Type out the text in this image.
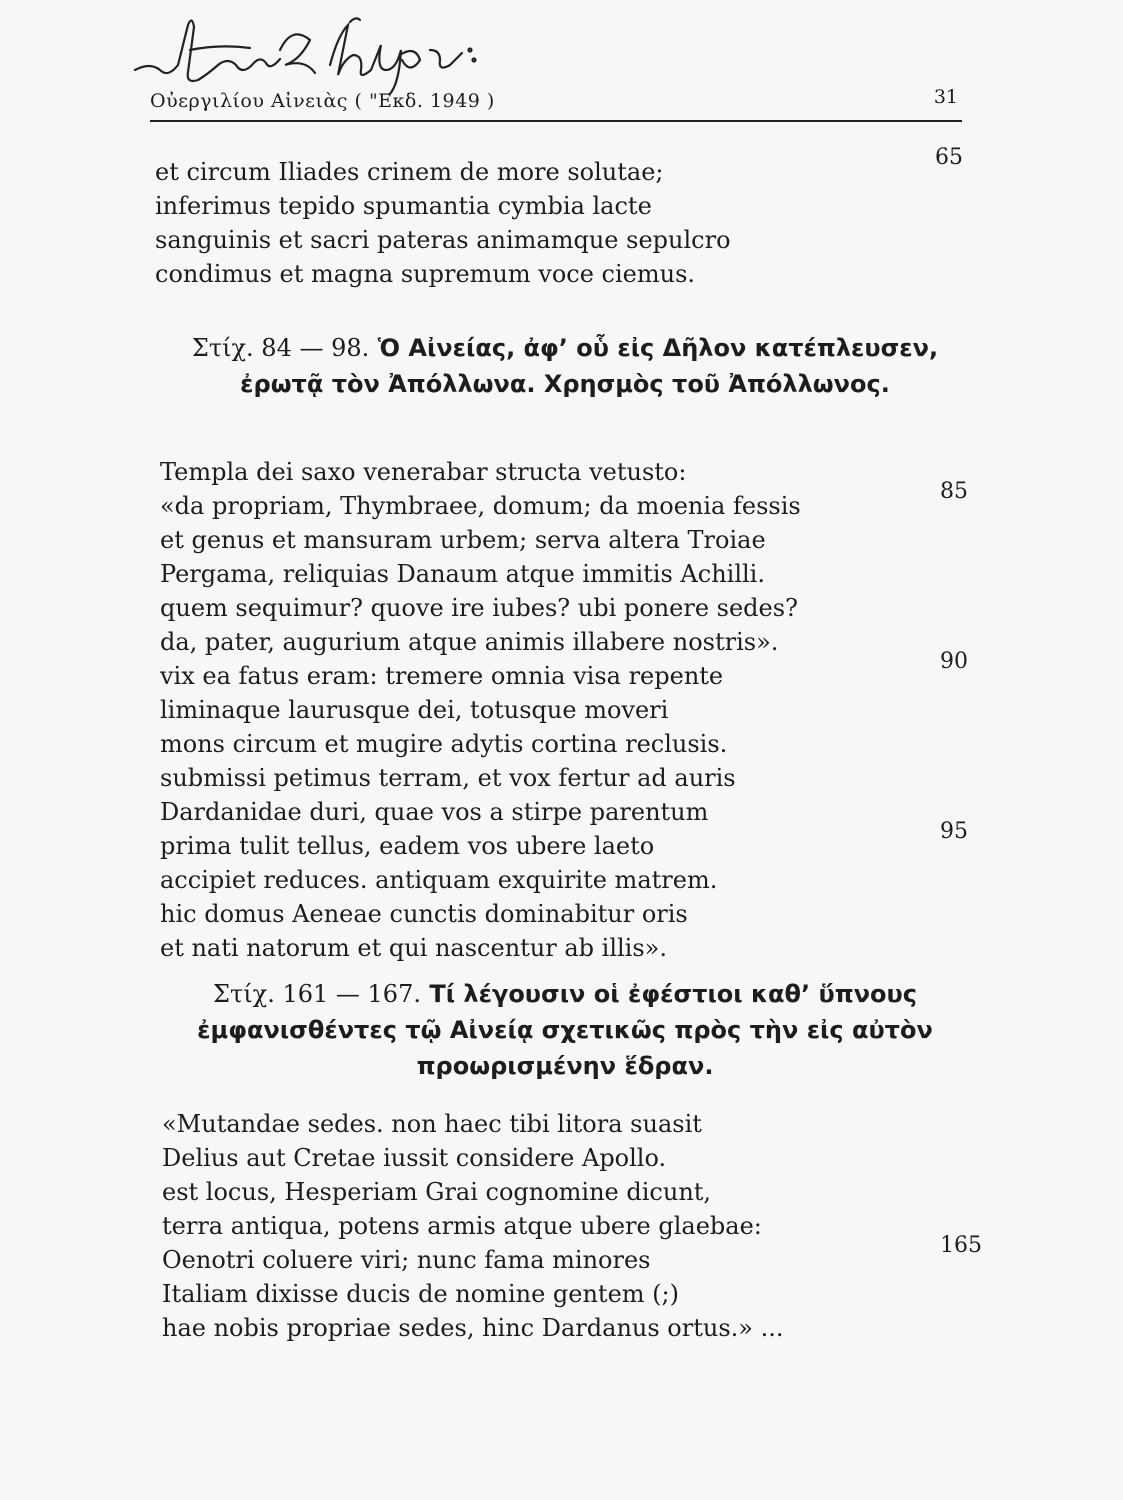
Οὐεργιλίου Αἰνειὰς ( "Εκδ. 1949 )	31
et circum Iliades crinem de more solutae;
65
inferimus tepido spumantia cymbia lacte
sanguinis et sacri pateras animamque sepulcro
condimus et magna supremum voce ciemus.
Στίχ. 84 — 98. Ὁ Αἰνείας, ἀφ’ οὗ εἰς Δῆλον κατέπλευσεν, ἐρωτᾷ τὸν Ἀπόλλωνα. Χρησμὸς τοῦ Ἀπόλλωνος.
Templa dei saxo venerabar structa vetusto:
«da propriam, Thymbraee, domum; da moenia fessis
85
et genus et mansuram urbem; serva altera Troiae
Pergama, reliquias Danaum atque immitis Achilli.
quem sequimur? quove ire iubes? ubi ponere sedes?
da, pater, augurium atque animis illabere nostris».
vix ea fatus eram: tremere omnia visa repente
90
liminaque laurusque dei, totusque moveri
mons circum et mugire adytis cortina reclusis.
submissi petimus terram, et vox fertur ad auris
Dardanidae duri, quae vos a stirpe parentum
prima tulit tellus, eadem vos ubere laeto
95
accipiet reduces. antiquam exquirite matrem.
hic domus Aeneae cunctis dominabitur oris
et nati natorum et qui nascentur ab illis».
Στίχ. 161 — 167. Τί λέγουσιν οἱ ἐφέστιοι καθ’ ὕπνους ἐμφανισθέντες τῷ Αἰνείᾳ σχετικῶς πρὸς τὴν εἰς αὐτὸν προωρισμένην ἕδραν.
«Mutandae sedes. non haec tibi litora suasit
Delius aut Cretae iussit considere Apollo.
est locus, Hesperiam Grai cognomine dicunt,
terra antiqua, potens armis atque ubere glaebae:
Oenotri coluere viri; nunc fama minores
165
Italiam dixisse ducis de nomine gentem (;)
hae nobis propriae sedes, hinc Dardanus ortus.» ...
